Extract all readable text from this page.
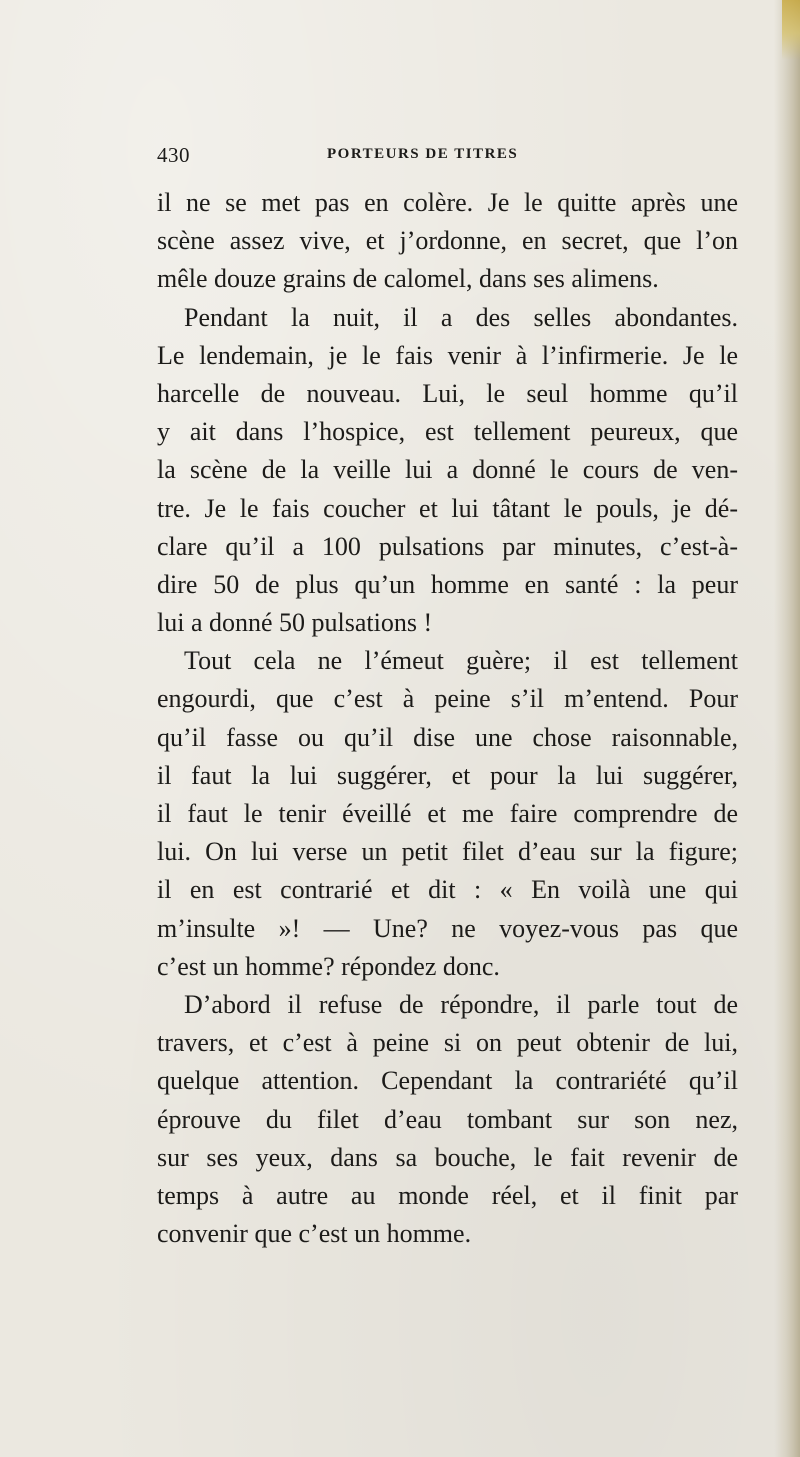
430	PORTEURS DE TITRES
il ne se met pas en colère. Je le quitte après une
scène assez vive, et j’ordonne, en secret, que l’on
mêle douze grains de calomel, dans ses alimens.
Pendant la nuit, il a des selles abondantes.
Le lendemain, je le fais venir à l’infirmerie. Je le
harcelle de nouveau. Lui, le seul homme qu’il
y ait dans l’hospice, est tellement peureux, que
la scène de la veille lui a donné le cours de ven-
tre. Je le fais coucher et lui tâtant le pouls, je dé-
clare qu’il a 100 pulsations par minutes, c’est-à-
dire 50 de plus qu’un homme en santé : la peur
lui a donné 50 pulsations !
Tout cela ne l’émeut guère; il est tellement
engourdi, que c’est à peine s’il m’entend. Pour
qu’il fasse ou qu’il dise une chose raisonnable,
il faut la lui suggérer, et pour la lui suggérer,
il faut le tenir éveillé et me faire comprendre de
lui. On lui verse un petit filet d’eau sur la figure;
il en est contrarié et dit : « En voilà une qui
m’insulte »! — Une? ne voyez-vous pas que
c’est un homme? répondez donc.
D’abord il refuse de répondre, il parle tout de
travers, et c’est à peine si on peut obtenir de lui,
quelque attention. Cependant la contrariété qu’il
éprouve du filet d’eau tombant sur son nez,
sur ses yeux, dans sa bouche, le fait revenir de
temps à autre au monde réel, et il finit par
convenir que c’est un homme.
